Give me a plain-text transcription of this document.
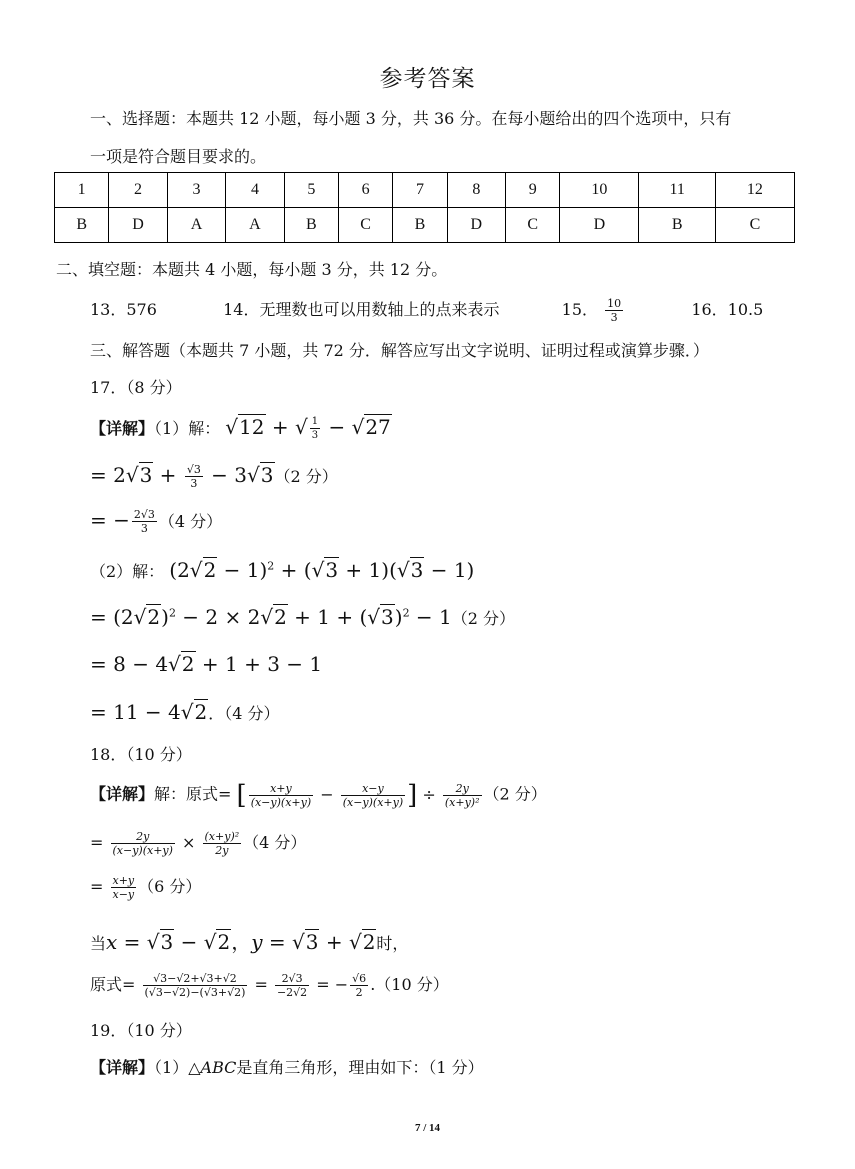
参考答案
一、选择题：本题共 12 小题，每小题 3 分，共 36 分。在每小题给出的四个选项中，只有
一项是符合题目要求的。
1	2	3	4	5	6	7	8	9	10	11	12
B	D	A	A	B	C	B	D	C	D	B	C
二、填空题：本题共 4 小题，每小题 3 分，共 12 分。
13．576	14．无理数也可以用数轴上的点来表示	15． $\frac{10}{3}$	16．10.5
三、解答题（本题共 7 小题，共 72 分．解答应写出文字说明、证明过程或演算步骤．）
17．（8 分）
【详解】（1）解： √12 + √ $\frac{1}{3} - √27$
= $2√3 + \frac{√3}{3} - 3√3(2$ 分）
= − $\frac{2√3}{3} (4$ 分）
（2）解： $(2√2 - 1)^2 + (√3 + 1)(√3 - 1)$
= $(2√2)^2 - 2 \times 2√2 + 1 + (√3)^2 - 1(2$ 分）
= 8 − 4√2 + 1 + 3 − 1
= 11 − 4√2．（4 分）
18．（10 分）
【详解】解：原式= [ $\frac{x+y}{(x-y)(x+y)} - \frac{x-y}{(x-y)(x+y)}$ ] ÷ $\frac{2y}{\text{(x+y)²}} (2$ 分）
= $\frac{2y}{(x-y)(x+y)} \times \frac{\text{(x+y)²}}{2y} (4$ 分）
= $\frac{x+y}{x-y} (6$ 分）
当x = √3 − √2，y = √3 + √2时，
原式= $\frac{√3-√2+√3+√2}{(√3-√2)-(√3+√2)} = \frac{2√3}{-2√2}$ = − $\frac{√6}{2} .(10$ 分）
19．（10 分）
【详解】（1）△ABC是直角三角形，理由如下：（1 分）
7 / 14
